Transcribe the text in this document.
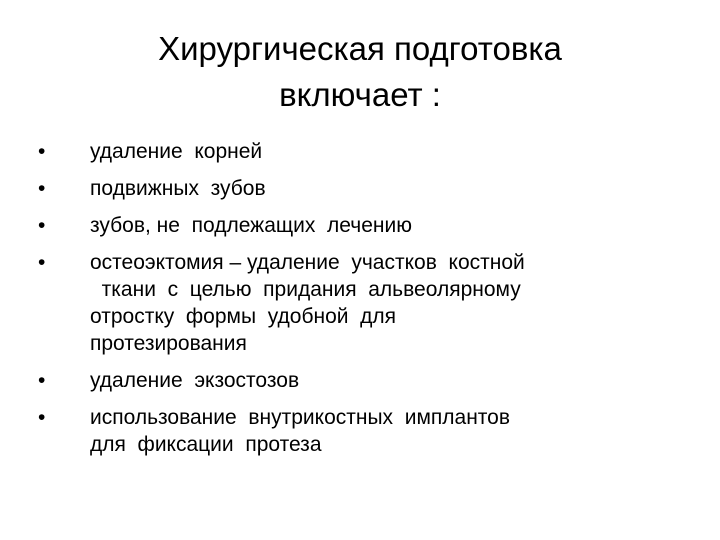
Хирургическая подготовка
включает :
• удаление  корней
• подвижных  зубов
• зубов, не  подлежащих  лечению
• остеоэктомия – удаление  участков  костной
ткани  с  целью  придания  альвеолярному
отростку  формы  удобной  для
протезирования
• удаление  экзостозов
• использование  внутрикостных  имплантов
для  фиксации  протеза
